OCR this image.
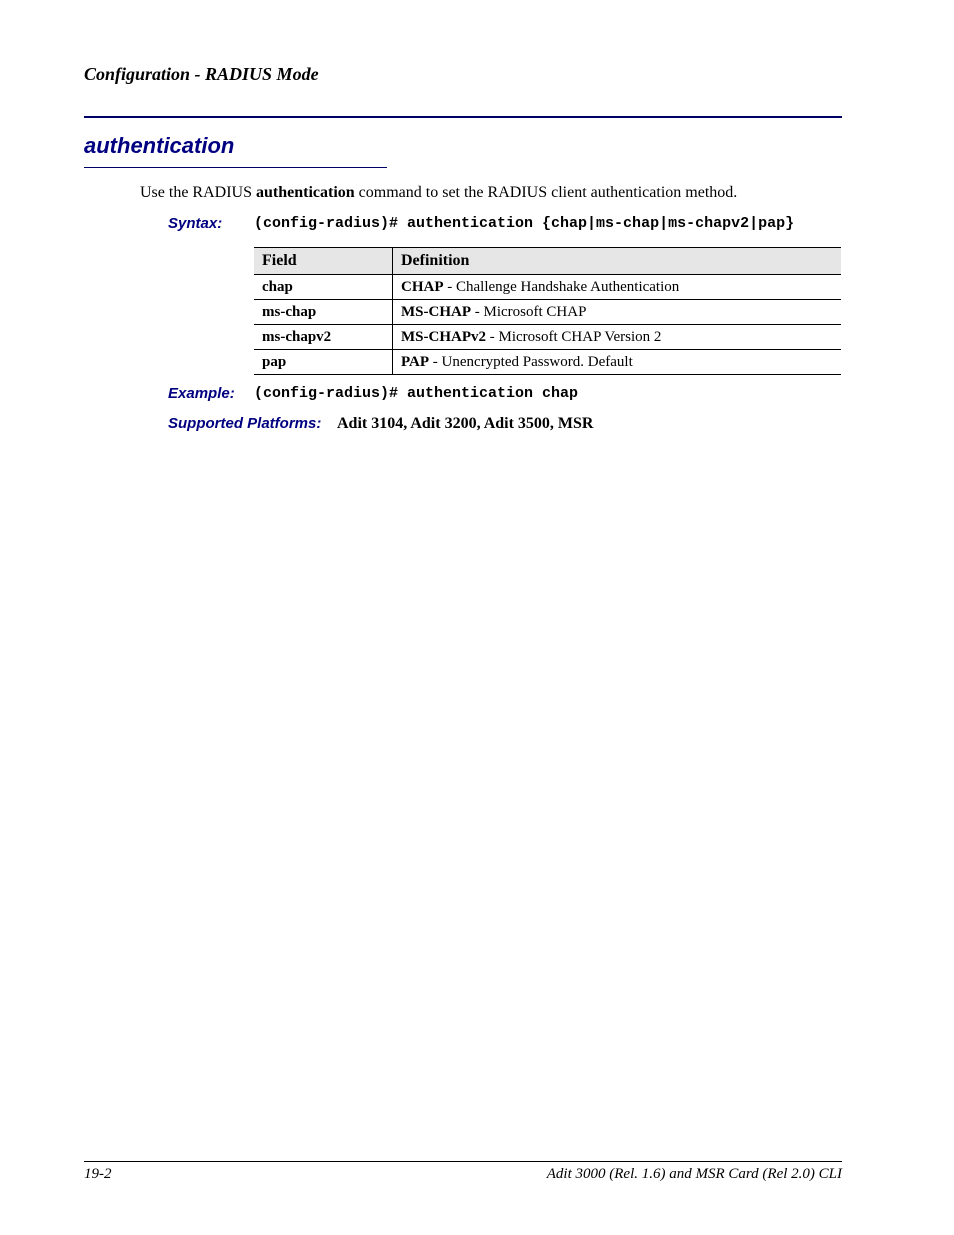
Configuration - RADIUS Mode
authentication
Use the RADIUS authentication command to set the RADIUS client authentication method.
Syntax: (config-radius)# authentication {chap|ms-chap|ms-chapv2|pap}
Field	Definition
chap	CHAP - Challenge Handshake Authentication
ms-chap	MS-CHAP - Microsoft CHAP
ms-chapv2	MS-CHAPv2 - Microsoft CHAP Version 2
pap	PAP - Unencrypted Password. Default
Example: (config-radius)# authentication chap
Supported Platforms: Adit 3104, Adit 3200, Adit 3500, MSR
19-2	Adit 3000 (Rel. 1.6) and MSR Card (Rel 2.0) CLI
